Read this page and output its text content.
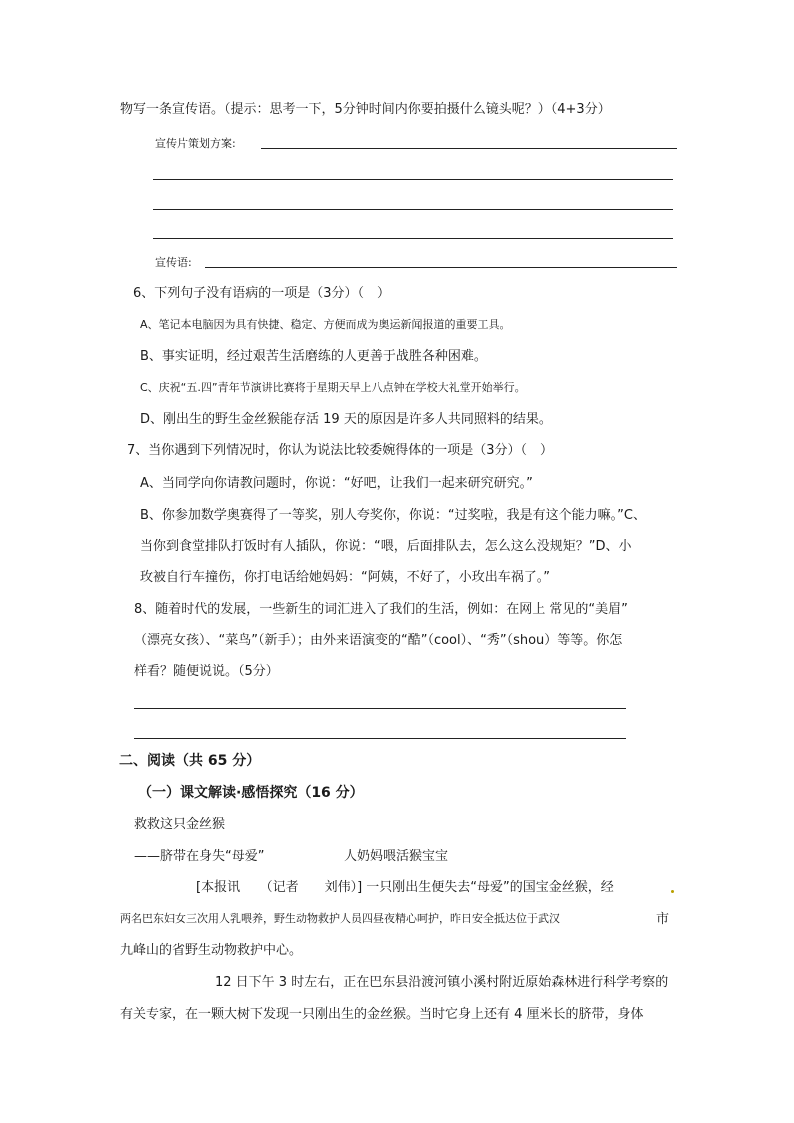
物写一条宣传语。（提示：思考一下，5分钟时间内你要拍摄什么镜头呢？）（4+3分）
宣传片策划方案:
宣传语:
6、下列句子没有语病的一项是（3分）（　）
A、笔记本电脑因为具有快捷、稳定、方便而成为奥运新闻报道的重要工具。
B、事实证明，经过艰苦生活磨练的人更善于战胜各种困难。
C、庆祝“五.四”青年节演讲比赛将于星期天早上八点钟在学校大礼堂开始举行。
D、刚出生的野生金丝猴能存活 19 天的原因是许多人共同照料的结果。
7、当你遇到下列情况时，你认为说法比较委婉得体的一项是（3分）（　）
A、当同学向你请教问题时，你说：“好吧，让我们一起来研究研究。”
B、你参加数学奥赛得了一等奖，别人夸奖你，你说：“过奖啦，我是有这个能力嘛。”C、
当你到食堂排队打饭时有人插队，你说：“喂，后面排队去，怎么这么没规矩？”D、小
玫被自行车撞伤，你打电话给她妈妈：“阿姨，不好了，小玫出车祸了。”
8、随着时代的发展，一些新生的词汇进入了我们的生活，例如：在网上 常见的“美眉”
（漂亮女孩）、“菜鸟”（新手）；由外来语演变的“酷”（cool）、“秀”（shou）等等。你怎
样看？随便说说。（5分）
二、阅读（共 65 分）
（一）课文解读·感悟探究（16 分）
救救这只金丝猴
——脐带在身失“母爱”	人奶妈喂活猴宝宝
[本报讯　　（记者　　刘伟）] 一只刚出生便失去“母爱”的国宝金丝猴，经
两名巴东妇女三次用人乳喂养，野生动物救护人员四昼夜精心呵护，昨日安全抵达位于武汉	市
九峰山的省野生动物救护中心。
12 日下午 3 时左右，正在巴东县沿渡河镇小溪村附近原始森林进行科学考察的
有关专家，在一颗大树下发现一只刚出生的金丝猴。当时它身上还有 4 厘米长的脐带，身体
